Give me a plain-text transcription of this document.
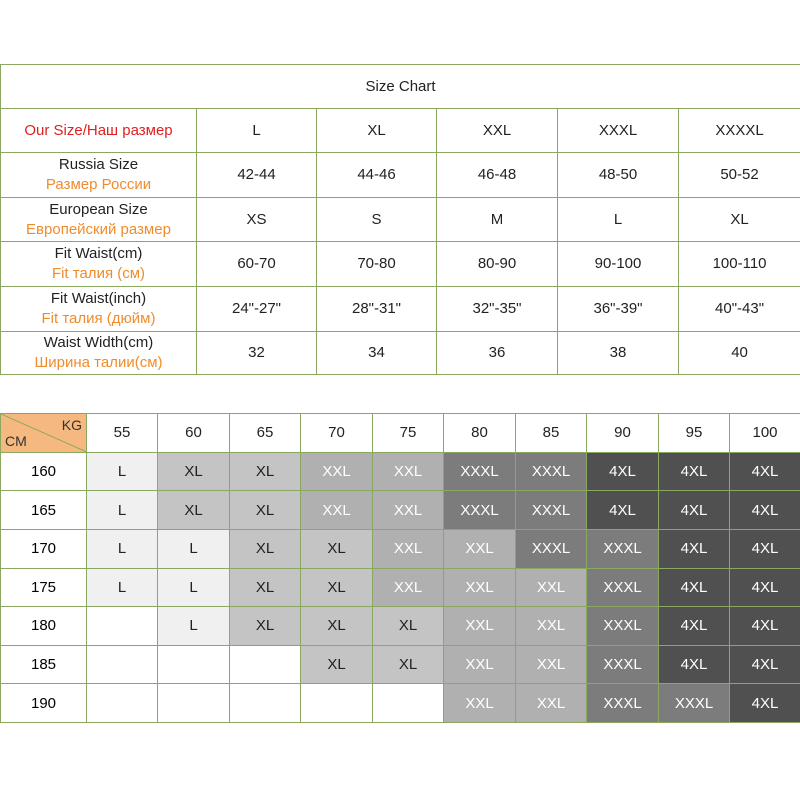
Size Chart					
Our Size/Наш размер	L	XL	XXL	XXXL	XXXXL

Russia Size
Размер России	42-44	44-46	46-48	48-50	50-52

European Size
Европейский размер	XS	S	M	L	XL

Fit Waist(cm)
Fit талия (см)	60-70	70-80	80-90	90-100	100-110

Fit Waist(inch)
Fit талия (дюйм)	24"-27"	28"-31"	32"-35"	36"-39"	40"-43"

Waist Width(cm)
Ширина талии(см)	32	34	36	38	40
KG
CM	55	60	65	70	75	80	85	90	95	100
160	L	XL	XL	XXL	XXL	XXXL	XXXL	4XL	4XL	4XL
165	L	XL	XL	XXL	XXL	XXXL	XXXL	4XL	4XL	4XL
170	L	L	XL	XL	XXL	XXL	XXXL	XXXL	4XL	4XL
175	L	L	XL	XL	XXL	XXL	XXL	XXXL	4XL	4XL
180		L	XL	XL	XL	XXL	XXL	XXXL	4XL	4XL
185				XL	XL	XXL	XXL	XXXL	4XL	4XL
190						XXL	XXL	XXXL	XXXL	4XL
